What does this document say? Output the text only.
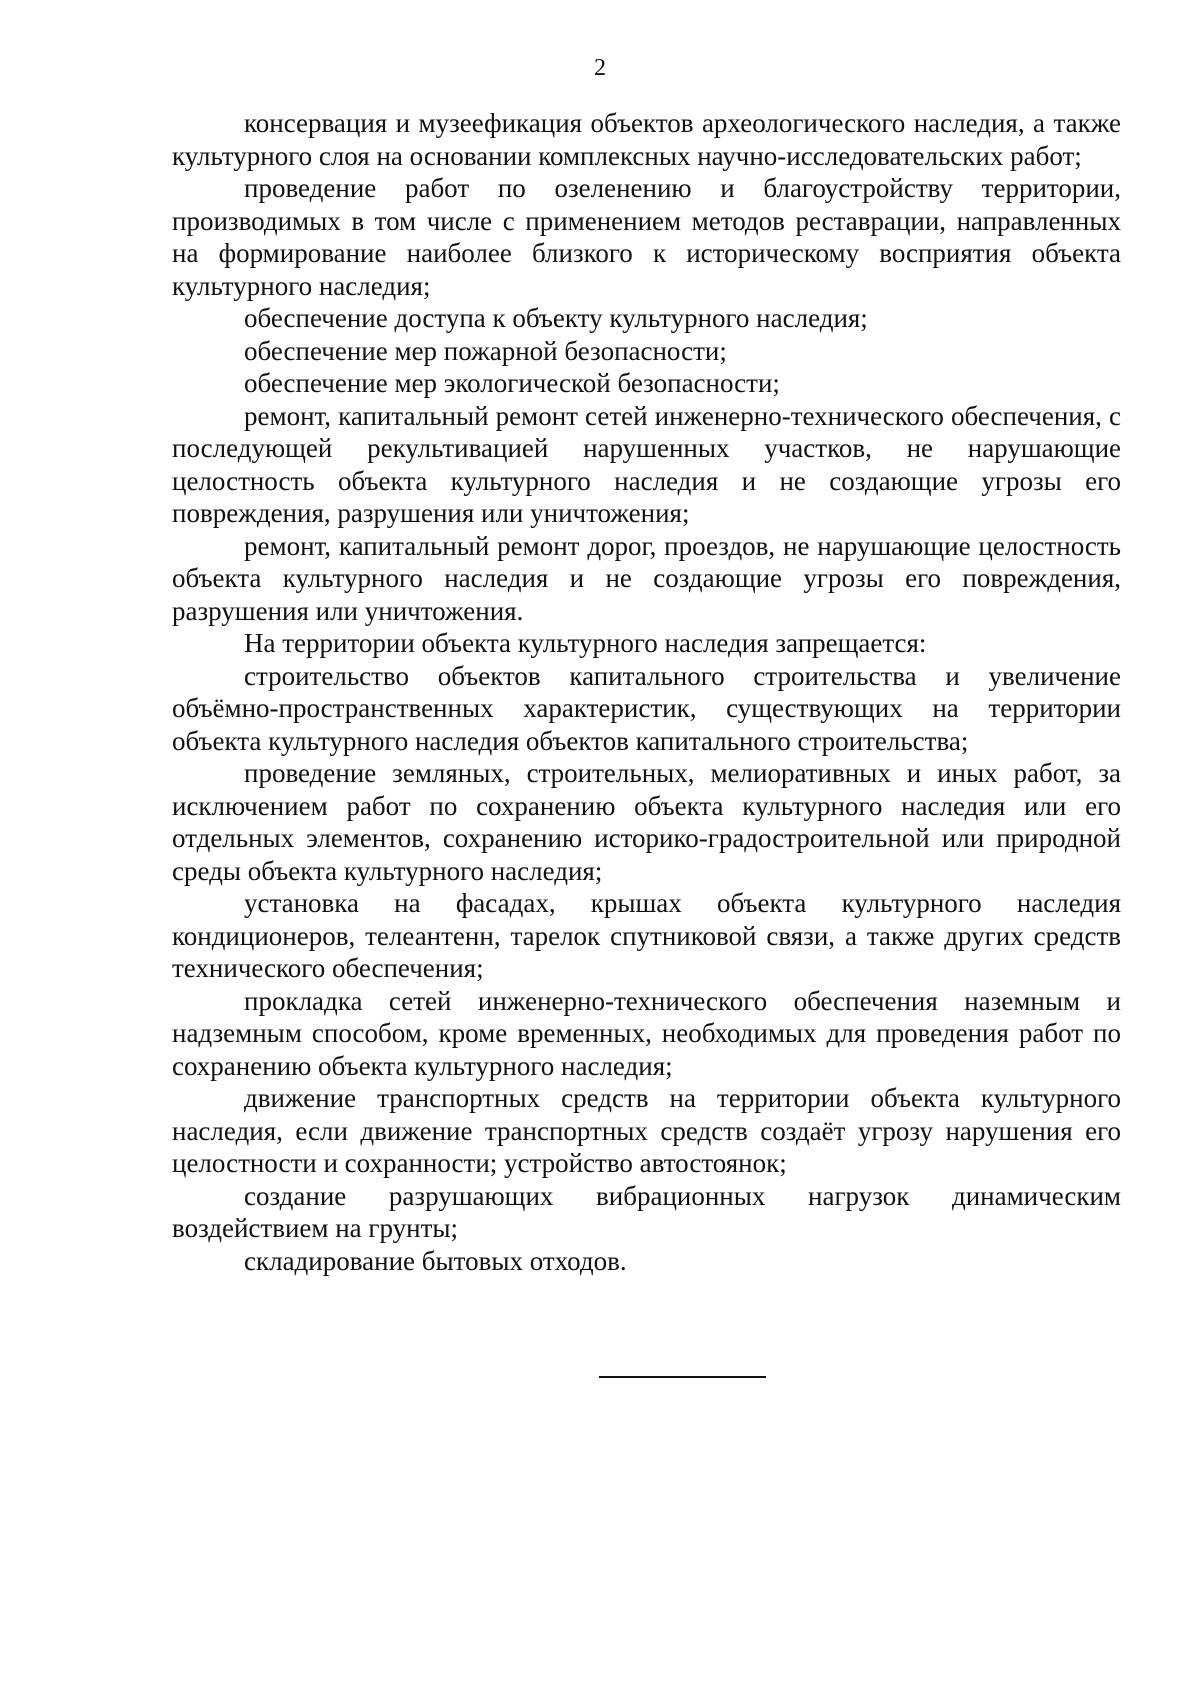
2

консервация и музеефикация объектов археологического наследия, а также культурного слоя на основании комплексных научно-исследовательских работ;

проведение работ по озеленению и благоустройству территории, производимых в том числе с применением методов реставрации, направленных на формирование наиболее близкого к историческому восприятия объекта культурного наследия;

обеспечение доступа к объекту культурного наследия;

обеспечение мер пожарной безопасности;

обеспечение мер экологической безопасности;

ремонт, капитальный ремонт сетей инженерно-технического обеспечения, с последующей рекультивацией нарушенных участков, не нарушающие целостность объекта культурного наследия и не создающие угрозы его повреждения, разрушения или уничтожения;

ремонт, капитальный ремонт дорог, проездов, не нарушающие целостность объекта культурного наследия и не создающие угрозы его повреждения, разрушения или уничтожения.

На территории объекта культурного наследия запрещается:

строительство объектов капитального строительства и увеличение объёмно-пространственных характеристик, существующих на территории объекта культурного наследия объектов капитального строительства;

проведение земляных, строительных, мелиоративных и иных работ, за исключением работ по сохранению объекта культурного наследия или его отдельных элементов, сохранению историко-градостроительной или природной среды объекта культурного наследия;

установка на фасадах, крышах объекта культурного наследия кондиционеров, телеантенн, тарелок спутниковой связи, а также других средств технического обеспечения;

прокладка сетей инженерно-технического обеспечения наземным и надземным способом, кроме временных, необходимых для проведения работ по сохранению объекта культурного наследия;

движение транспортных средств на территории объекта культурного наследия, если движение транспортных средств создаёт угрозу нарушения его целостности и сохранности; устройство автостоянок;

создание разрушающих вибрационных нагрузок динамическим воздействием на грунты;

складирование бытовых отходов.
